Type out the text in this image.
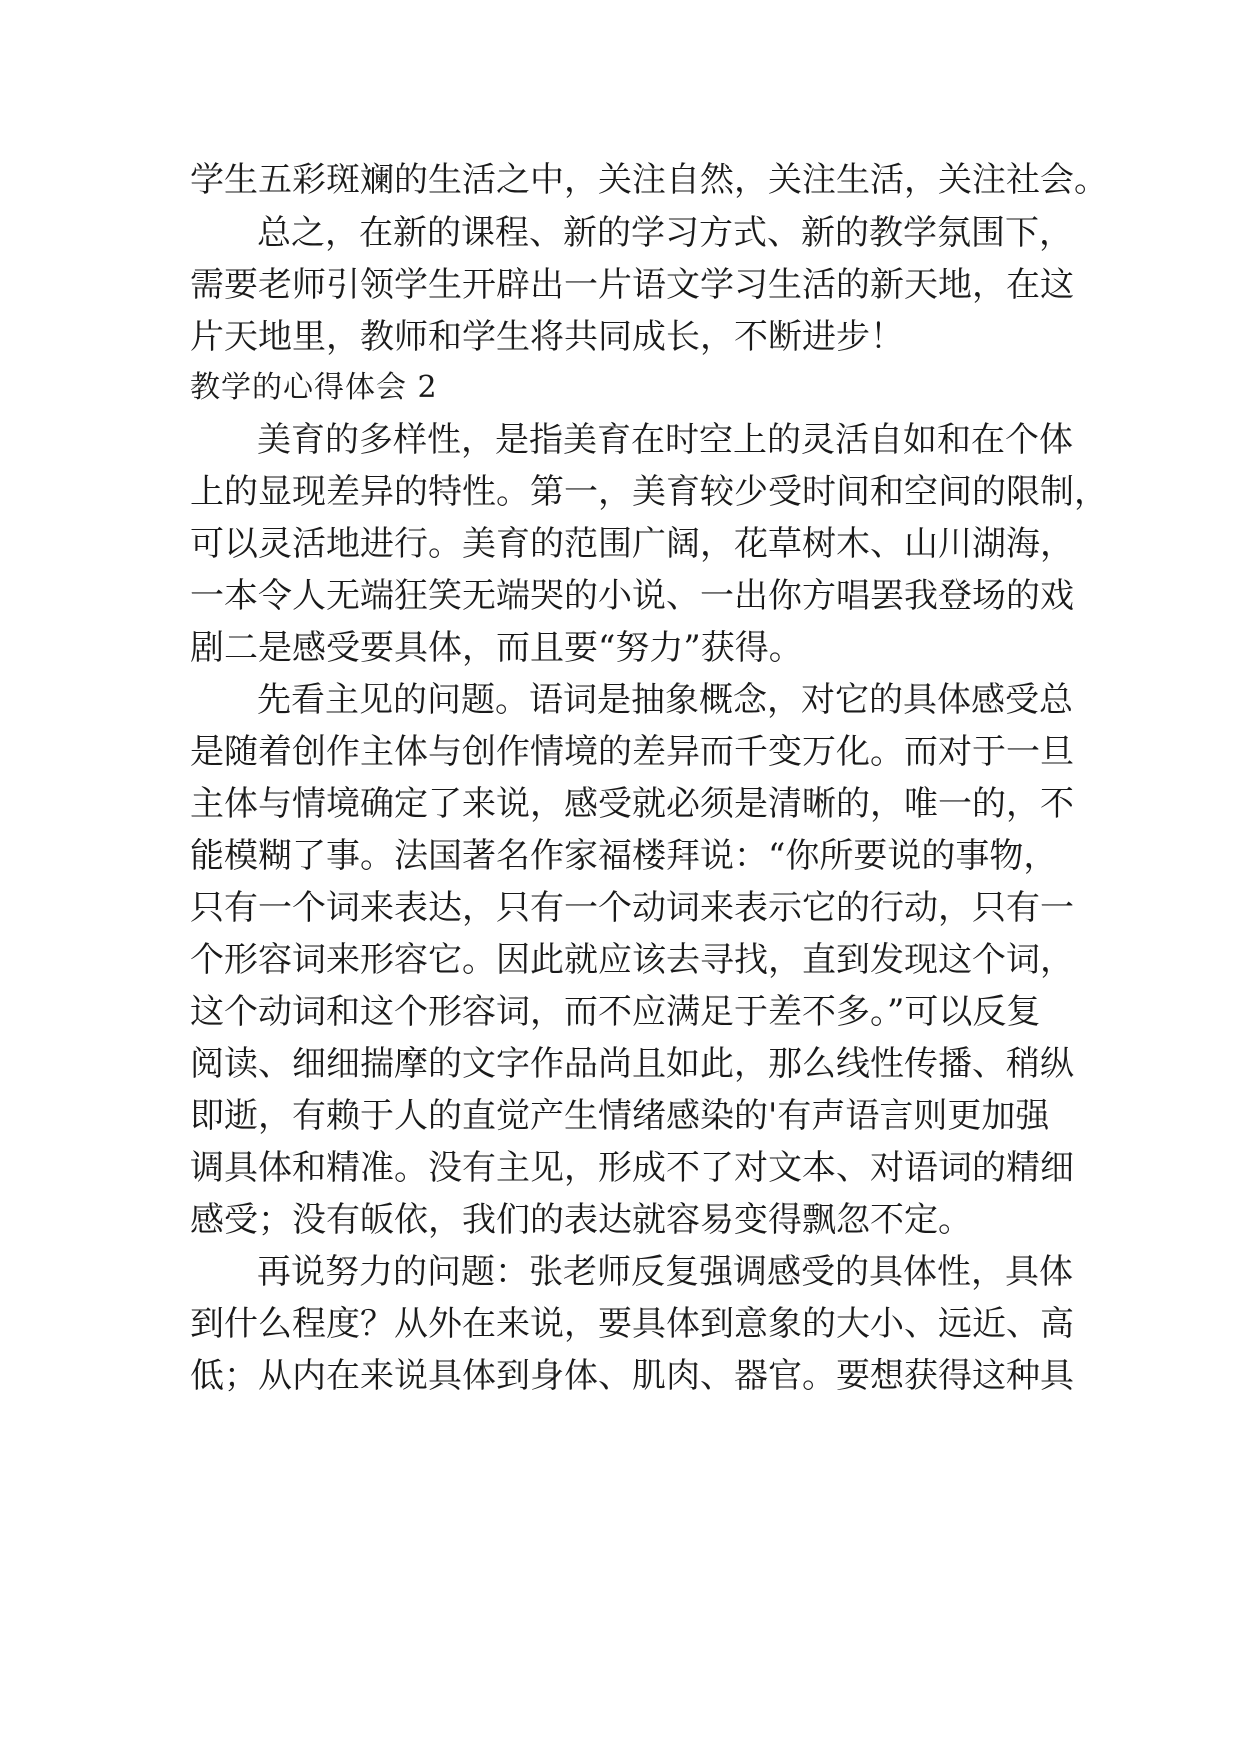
学生五彩斑斓的生活之中，关注自然，关注生活，关注社会。
总之，在新的课程、新的学习方式、新的教学氛围下，
需要老师引领学生开辟出一片语文学习生活的新天地，在这
片天地里，教师和学生将共同成长，不断进步！
教学的心得体会 2
美育的多样性，是指美育在时空上的灵活自如和在个体
上的显现差异的特性。第一，美育较少受时间和空间的限制，
可以灵活地进行。美育的范围广阔，花草树木、山川湖海，
一本令人无端狂笑无端哭的小说、一出你方唱罢我登场的戏
剧二是感受要具体，而且要“努力”获得。
先看主见的问题。语词是抽象概念，对它的具体感受总
是随着创作主体与创作情境的差异而千变万化。而对于一旦
主体与情境确定了来说，感受就必须是清晰的，唯一的，不
能模糊了事。法国著名作家福楼拜说：“你所要说的事物，
只有一个词来表达，只有一个动词来表示它的行动，只有一
个形容词来形容它。因此就应该去寻找，直到发现这个词，
这个动词和这个形容词，而不应满足于差不多。”可以反复
阅读、细细揣摩的文字作品尚且如此，那么线性传播、稍纵
即逝，有赖于人的直觉产生情绪感染的'有声语言则更加强
调具体和精准。没有主见，形成不了对文本、对语词的精细
感受；没有皈依，我们的表达就容易变得飘忽不定。
再说努力的问题：张老师反复强调感受的具体性，具体
到什么程度？从外在来说，要具体到意象的大小、远近、高
低；从内在来说具体到身体、肌肉、器官。要想获得这种具
